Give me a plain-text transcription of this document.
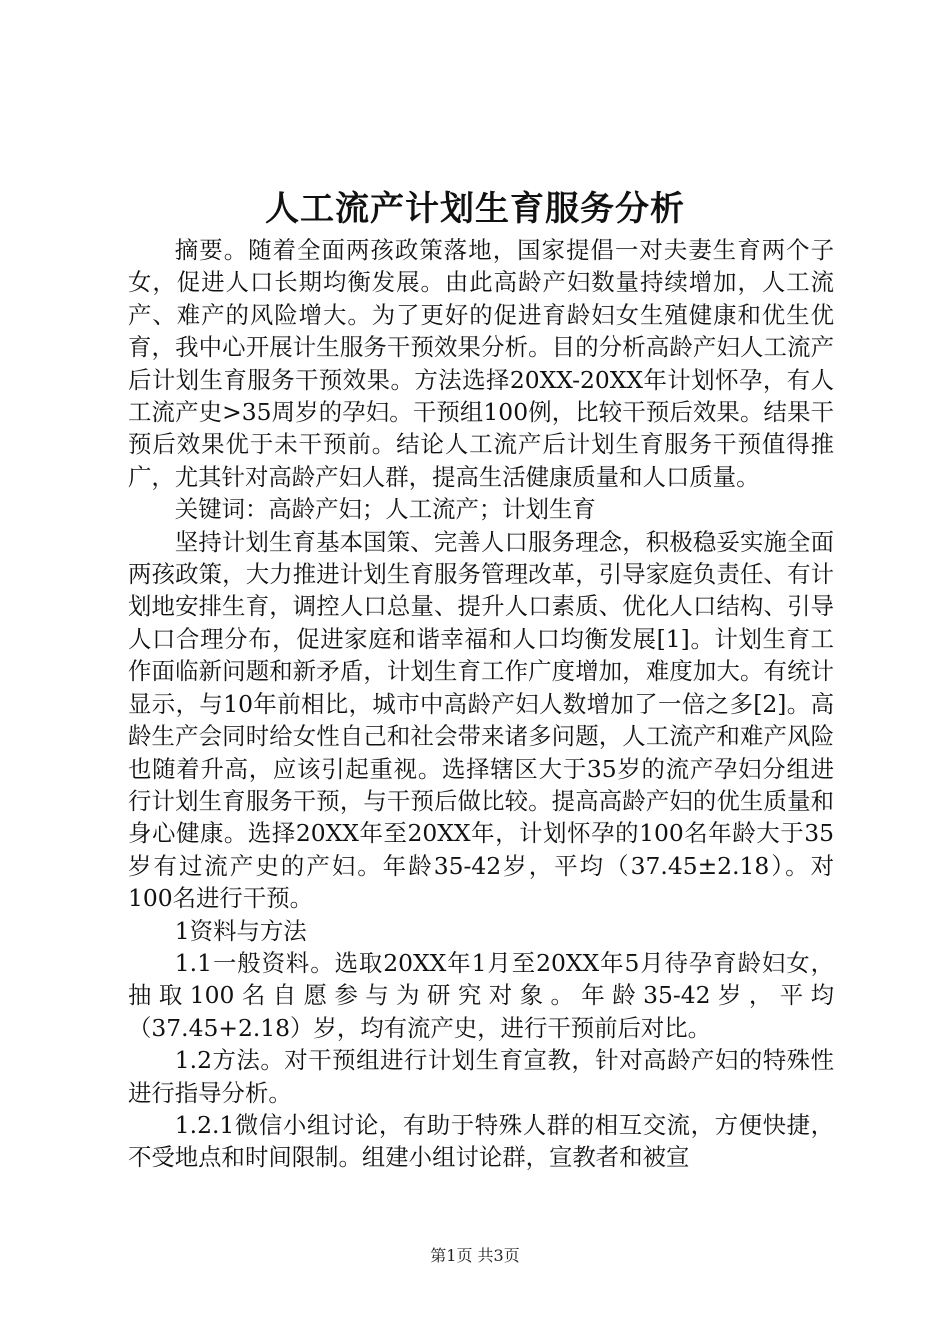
人工流产计划生育服务分析

摘要。随着全面两孩政策落地，国家提倡一对夫妻生育两个子女，促进人口长期均衡发展。由此高龄产妇数量持续增加，人工流产、难产的风险增大。为了更好的促进育龄妇女生殖健康和优生优育，我中心开展计生服务干预效果分析。目的分析高龄产妇人工流产后计划生育服务干预效果。方法选择20XX-20XX年计划怀孕，有人工流产史>35周岁的孕妇。干预组100例，比较干预后效果。结果干预后效果优于未干预前。结论人工流产后计划生育服务干预值得推广，尤其针对高龄产妇人群，提高生活健康质量和人口质量。

关键词：高龄产妇；人工流产；计划生育

坚持计划生育基本国策、完善人口服务理念，积极稳妥实施全面两孩政策，大力推进计划生育服务管理改革，引导家庭负责任、有计划地安排生育，调控人口总量、提升人口素质、优化人口结构、引导人口合理分布，促进家庭和谐幸福和人口均衡发展[1]。计划生育工作面临新问题和新矛盾，计划生育工作广度增加，难度加大。有统计显示，与10年前相比，城市中高龄产妇人数增加了一倍之多[2]。高龄生产会同时给女性自己和社会带来诸多问题，人工流产和难产风险也随着升高，应该引起重视。选择辖区大于35岁的流产孕妇分组进行计划生育服务干预，与干预后做比较。提高高龄产妇的优生质量和身心健康。选择20XX年至20XX年，计划怀孕的100名年龄大于35岁有过流产史的产妇。年龄35-42岁，平均（37.45±2.18）。对100名进行干预。

1资料与方法

1.1一般资料。选取20XX年1月至20XX年5月待孕育龄妇女，抽取100名自愿参与为研究对象。年龄35-42岁，平均（37.45+2.18）岁，均有流产史，进行干预前后对比。

1.2方法。对干预组进行计划生育宣教，针对高龄产妇的特殊性进行指导分析。

1.2.1微信小组讨论，有助于特殊人群的相互交流，方便快捷，不受地点和时间限制。组建小组讨论群，宣教者和被宣

第1页 共3页
